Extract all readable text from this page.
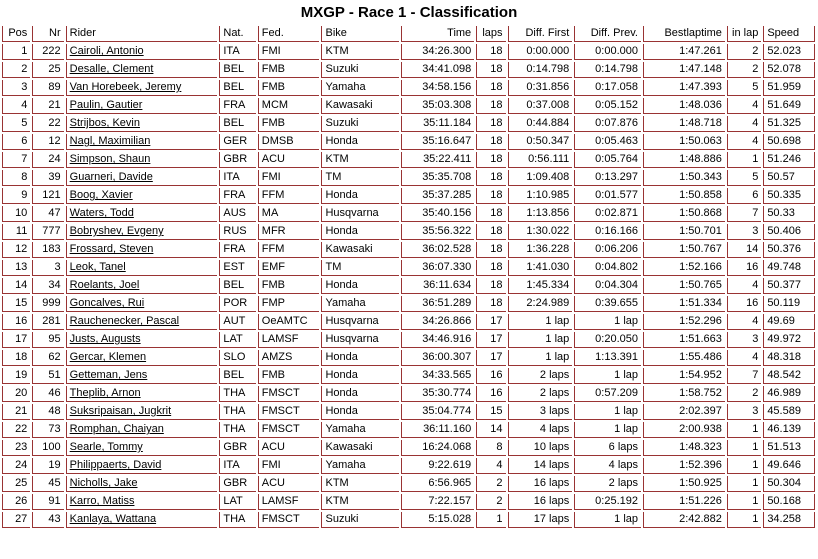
MXGP - Race 1 - Classification
Pos	Nr	Rider	Nat.	Fed.	Bike	Time	laps	Diff. First	Diff. Prev.	Bestlaptime	in lap	Speed
1	222	Cairoli, Antonio	ITA	FMI	KTM	34:26.300	18	0:00.000	0:00.000	1:47.261	2	52.023
2	25	Desalle, Clement	BEL	FMB	Suzuki	34:41.098	18	0:14.798	0:14.798	1:47.148	2	52.078
3	89	Van Horebeek, Jeremy	BEL	FMB	Yamaha	34:58.156	18	0:31.856	0:17.058	1:47.393	5	51.959
4	21	Paulin, Gautier	FRA	MCM	Kawasaki	35:03.308	18	0:37.008	0:05.152	1:48.036	4	51.649
5	22	Strijbos, Kevin	BEL	FMB	Suzuki	35:11.184	18	0:44.884	0:07.876	1:48.718	4	51.325
6	12	Nagl, Maximilian	GER	DMSB	Honda	35:16.647	18	0:50.347	0:05.463	1:50.063	4	50.698
7	24	Simpson, Shaun	GBR	ACU	KTM	35:22.411	18	0:56.111	0:05.764	1:48.886	1	51.246
8	39	Guarneri, Davide	ITA	FMI	TM	35:35.708	18	1:09.408	0:13.297	1:50.343	5	50.57
9	121	Boog, Xavier	FRA	FFM	Honda	35:37.285	18	1:10.985	0:01.577	1:50.858	6	50.335
10	47	Waters, Todd	AUS	MA	Husqvarna	35:40.156	18	1:13.856	0:02.871	1:50.868	7	50.33
11	777	Bobryshev, Evgeny	RUS	MFR	Honda	35:56.322	18	1:30.022	0:16.166	1:50.701	3	50.406
12	183	Frossard, Steven	FRA	FFM	Kawasaki	36:02.528	18	1:36.228	0:06.206	1:50.767	14	50.376
13	3	Leok, Tanel	EST	EMF	TM	36:07.330	18	1:41.030	0:04.802	1:52.166	16	49.748
14	34	Roelants, Joel	BEL	FMB	Honda	36:11.634	18	1:45.334	0:04.304	1:50.765	4	50.377
15	999	Goncalves, Rui	POR	FMP	Yamaha	36:51.289	18	2:24.989	0:39.655	1:51.334	16	50.119
16	281	Rauchenecker, Pascal	AUT	OeAMTC	Husqvarna	34:26.866	17	1 lap	1 lap	1:52.296	4	49.69
17	95	Justs, Augusts	LAT	LAMSF	Husqvarna	34:46.916	17	1 lap	0:20.050	1:51.663	3	49.972
18	62	Gercar, Klemen	SLO	AMZS	Honda	36:00.307	17	1 lap	1:13.391	1:55.486	4	48.318
19	51	Getteman, Jens	BEL	FMB	Honda	34:33.565	16	2 laps	1 lap	1:54.952	7	48.542
20	46	Theplib, Arnon	THA	FMSCT	Honda	35:30.774	16	2 laps	0:57.209	1:58.752	2	46.989
21	48	Suksripaisan, Jugkrit	THA	FMSCT	Honda	35:04.774	15	3 laps	1 lap	2:02.397	3	45.589
22	73	Romphan, Chaiyan	THA	FMSCT	Yamaha	36:11.160	14	4 laps	1 lap	2:00.938	1	46.139
23	100	Searle, Tommy	GBR	ACU	Kawasaki	16:24.068	8	10 laps	6 laps	1:48.323	1	51.513
24	19	Philippaerts, David	ITA	FMI	Yamaha	9:22.619	4	14 laps	4 laps	1:52.396	1	49.646
25	45	Nicholls, Jake	GBR	ACU	KTM	6:56.965	2	16 laps	2 laps	1:50.925	1	50.304
26	91	Karro, Matiss	LAT	LAMSF	KTM	7:22.157	2	16 laps	0:25.192	1:51.226	1	50.168
27	43	Kanlaya, Wattana	THA	FMSCT	Suzuki	5:15.028	1	17 laps	1 lap	2:42.882	1	34.258
